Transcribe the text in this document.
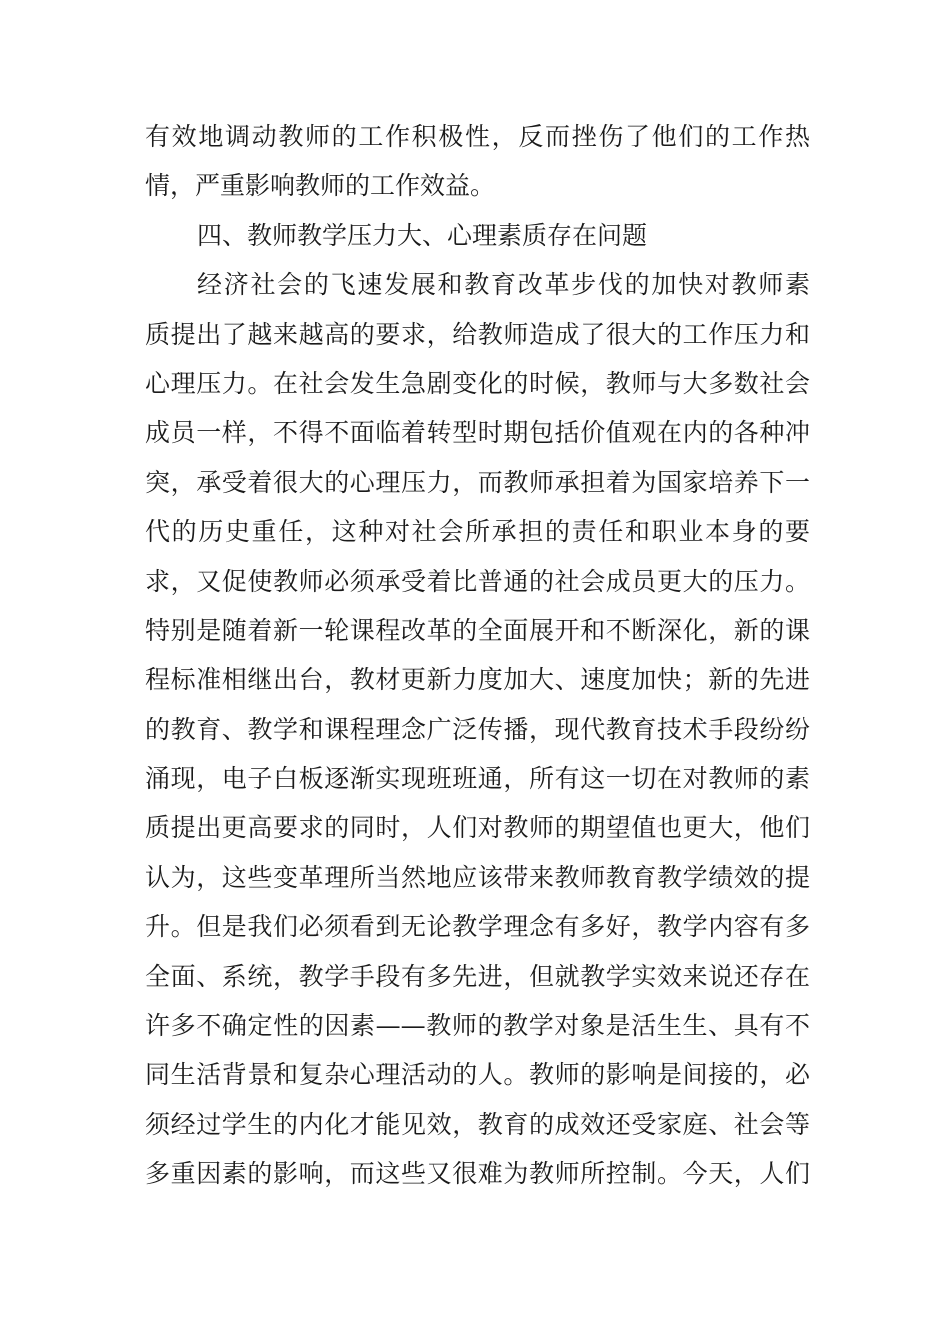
有效地调动教师的工作积极性，反而挫伤了他们的工作热
情，严重影响教师的工作效益。
四、教师教学压力大、心理素质存在问题
经济社会的飞速发展和教育改革步伐的加快对教师素
质提出了越来越高的要求，给教师造成了很大的工作压力和
心理压力。在社会发生急剧变化的时候，教师与大多数社会
成员一样，不得不面临着转型时期包括价值观在内的各种冲
突，承受着很大的心理压力，而教师承担着为国家培养下一
代的历史重任，这种对社会所承担的责任和职业本身的要
求，又促使教师必须承受着比普通的社会成员更大的压力。
特别是随着新一轮课程改革的全面展开和不断深化，新的课
程标准相继出台，教材更新力度加大、速度加快；新的先进
的教育、教学和课程理念广泛传播，现代教育技术手段纷纷
涌现，电子白板逐渐实现班班通，所有这一切在对教师的素
质提出更高要求的同时，人们对教师的期望值也更大，他们
认为，这些变革理所当然地应该带来教师教育教学绩效的提
升。但是我们必须看到无论教学理念有多好，教学内容有多
全面、系统，教学手段有多先进，但就教学实效来说还存在
许多不确定性的因素——教师的教学对象是活生生、具有不
同生活背景和复杂心理活动的人。教师的影响是间接的，必
须经过学生的内化才能见效，教育的成效还受家庭、社会等
多重因素的影响，而这些又很难为教师所控制。今天，人们
